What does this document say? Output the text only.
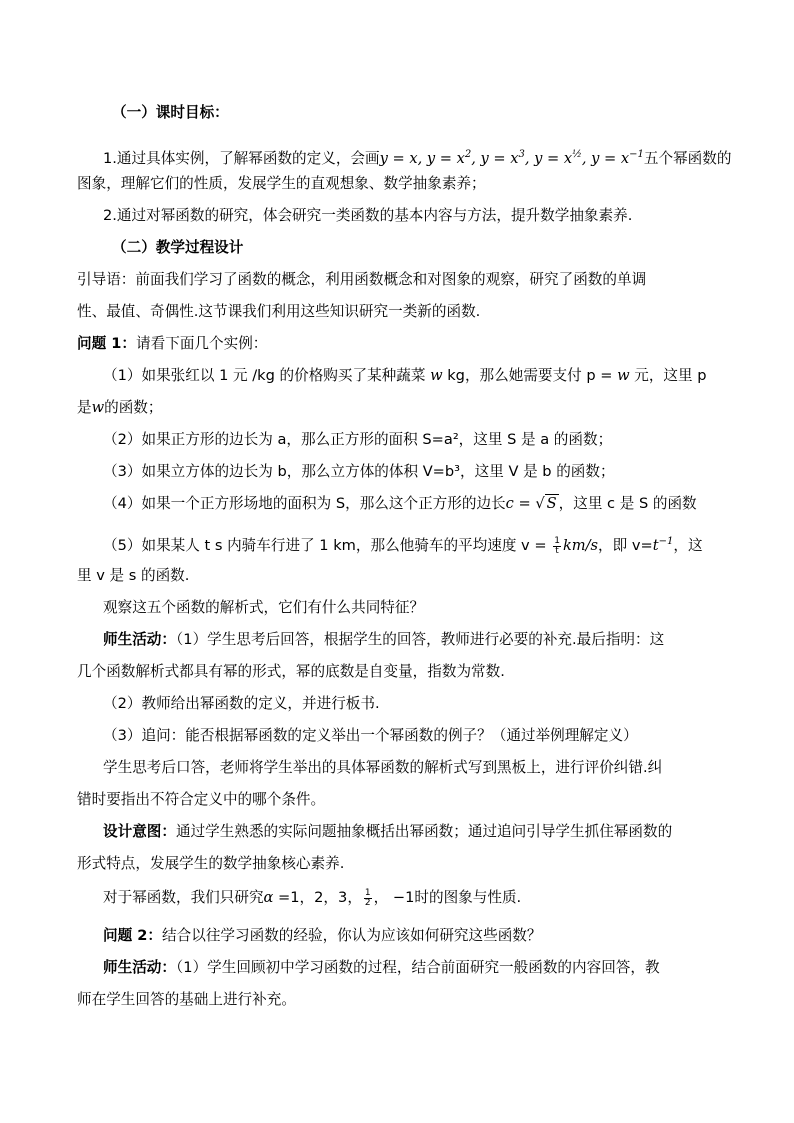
（一）课时目标：
1.通过具体实例，了解幂函数的定义，会画y = x, $y = x^2$, $y = x^3$, $y = x^{\frac{1}{2}}$, $y = x^{-1}$五个幂函数的
图象，理解它们的性质，发展学生的直观想象、数学抽象素养；
2.通过对幂函数的研究，体会研究一类函数的基本内容与方法，提升数学抽象素养.
（二）教学过程设计
引导语：前面我们学习了函数的概念，利用函数概念和对图象的观察，研究了函数的单调
性、最值、奇偶性.这节课我们利用这些知识研究一类新的函数.
问题 1：请看下面几个实例：
（1）如果张红以 1 元 /kg 的价格购买了某种蔬菜 w kg，那么她需要支付 p = w 元，这里 p
是w的函数；
（2）如果正方形的边长为 a，那么正方形的面积 S=a²，这里 S 是 a 的函数；
（3）如果立方体的边长为 b，那么立方体的体积 V=b³，这里 V 是 b 的函数；
（4）如果一个正方形场地的面积为 S，那么这个正方形的边长c = √ S ，这里 c 是 S 的函数
（5）如果某人 t s 内骑车行进了 1 km，那么他骑车的平均速度 $v = \frac{1}{t} km/s$，即 $v=t^{-1}$，这
里 v 是 s 的函数.
观察这五个函数的解析式，它们有什么共同特征？
师生活动：（1）学生思考后回答，根据学生的回答，教师进行必要的补充.最后指明：这
几个函数解析式都具有幂的形式，幂的底数是自变量，指数为常数.
（2）教师给出幂函数的定义，并进行板书.
（3）追问：能否根据幂函数的定义举出一个幂函数的例子？（通过举例理解定义）
学生思考后口答，老师将学生举出的具体幂函数的解析式写到黑板上，进行评价纠错.纠
错时要指出不符合定义中的哪个条件。
设计意图：通过学生熟悉的实际问题抽象概括出幂函数；通过追问引导学生抓住幂函数的
形式特点，发展学生的数学抽象核心素养.
对于幂函数，我们只研究α =1，2，3， $\frac{1}{2}$ ， −1时的图象与性质.
问题 2：结合以往学习函数的经验，你认为应该如何研究这些函数？
师生活动：（1）学生回顾初中学习函数的过程，结合前面研究一般函数的内容回答，教
师在学生回答的基础上进行补充。
